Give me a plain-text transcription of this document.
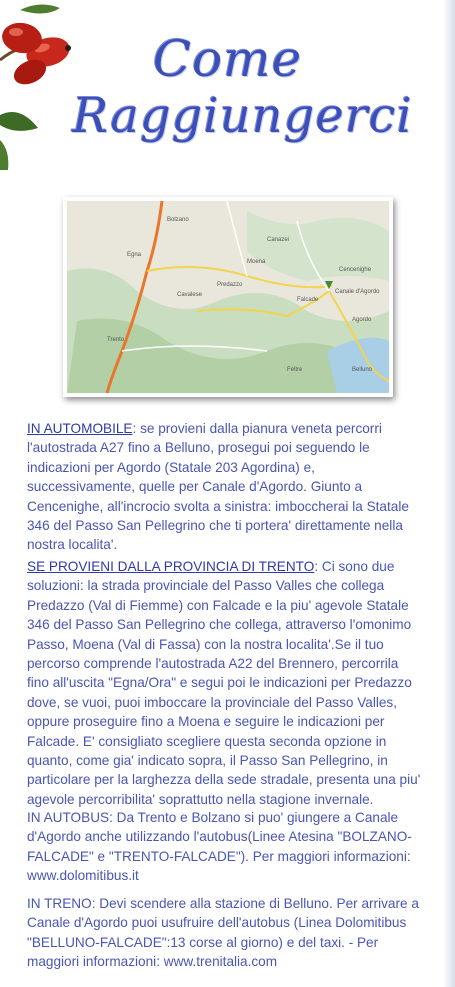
Come
Raggiungerci
Egna
Bolzano
Cavalese
Predazzo
Moena
Canazei
Falcade
Canale d'Agordo
Agordo
Belluno
Trento
Feltre
Cencenighe
IN AUTOMOBILE: se provieni dalla pianura veneta percorri l'autostrada A27 fino a Belluno, prosegui poi seguendo le indicazioni per Agordo (Statale 203 Agordina) e, successivamente, quelle per Canale d'Agordo. Giunto a Cencenighe, all'incrocio svolta a sinistra: imboccherai la Statale 346 del Passo San Pellegrino che ti portera' direttamente nella nostra localita'.
SE PROVIENI DALLA PROVINCIA DI TRENTO: Ci sono due soluzioni: la strada provinciale del Passo Valles che collega Predazzo (Val di Fiemme) con Falcade e la piu' agevole Statale 346 del Passo San Pellegrino che collega, attraverso l'omonimo Passo, Moena (Val di Fassa) con la nostra localita'.Se il tuo percorso comprende l'autostrada A22 del Brennero, percorrila fino all'uscita "Egna/Ora" e segui poi le indicazioni per Predazzo dove, se vuoi, puoi imboccare la provinciale del Passo Valles, oppure proseguire fino a Moena e seguire le indicazioni per Falcade. E' consigliato scegliere questa seconda opzione in quanto, come gia' indicato sopra, il Passo San Pellegrino, in particolare per la larghezza della sede stradale, presenta una piu' agevole percorribilita' soprattutto nella stagione invernale.
IN AUTOBUS: Da Trento e Bolzano si puo' giungere a Canale d'Agordo anche utilizzando l'autobus(Linee Atesina "BOLZANO-FALCADE" e "TRENTO-FALCADE"). Per maggiori informazioni: www.dolomitibus.it
IN TRENO: Devi scendere alla stazione di Belluno. Per arrivare a Canale d'Agordo puoi usufruire dell'autobus (Linea Dolomitibus "BELLUNO-FALCADE":13 corse al giorno) e del taxi. - Per maggiori informazioni: www.trenitalia.com
